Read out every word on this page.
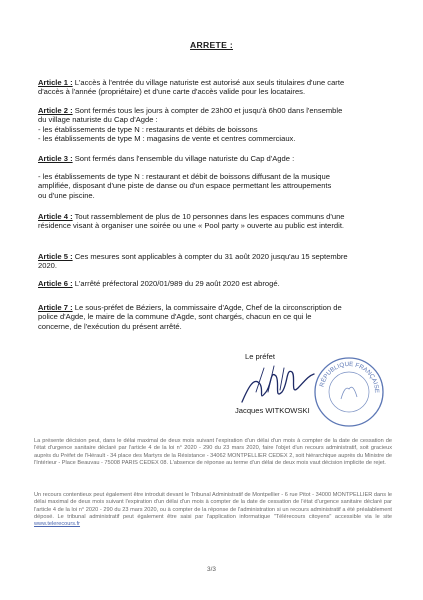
ARRETE :
Article 1 : L'accès à l'entrée du village naturiste est autorisé aux seuls titulaires d'une carte
d'accès à l'année (propriétaire) et d'une carte d'accès valide pour les locataires.
Article 2 : Sont fermés tous les jours à compter de 23h00 et jusqu'à 6h00 dans l'ensemble
du village naturiste du Cap d'Agde :
- les établissements de type N : restaurants et débits de boissons
- les établissements de type M : magasins de vente et centres commerciaux.
Article 3 : Sont fermés dans l'ensemble du village naturiste du Cap d'Agde :
- les établissements de type N : restaurant et débit de boissons diffusant de la musique
amplifiée, disposant d'une piste de danse ou d'un espace permettant les attroupements
ou d'une piscine.
Article 4 : Tout rassemblement de plus de 10 personnes dans les espaces communs d'une
résidence visant à organiser une soirée ou une « Pool party » ouverte au public est interdit.
Article 5 : Ces mesures sont applicables à compter du 31 août 2020 jusqu'au 15 septembre
2020.
Article 6 : L'arrêté préfectoral 2020/01/989 du 29 août 2020 est abrogé.
Article 7 : Le sous-préfet de Béziers, la commissaire d'Agde, Chef de la circonscription de
police d'Agde, le maire de la commune d'Agde, sont chargés, chacun en ce qui le
concerne, de l'exécution du présent arrêté.
Le préfet
RÉPUBLIQUE FRANÇAISE
Jacques WITKOWSKI
La présente décision peut, dans le délai maximal de deux mois suivant l'expiration d'un délai d'un mois à compter de la date de cessation de l'état d'urgence sanitaire déclaré par l'article 4 de la loi n° 2020 - 290 du 23 mars 2020, faire l'objet d'un recours administratif, soit gracieux auprès du Préfet de l'Hérault - 34 place des Martyrs de la Résistance - 34062 MONTPELLIER CEDEX 2, soit hiérarchique auprès du Ministre de l'Intérieur - Place Beauvau - 75008 PARIS CEDEX 08. L'absence de réponse au terme d'un délai de deux mois vaut décision implicite de rejet.
Un recours contentieux peut également être introduit devant le Tribunal Administratif de Montpellier - 6 rue Pitot - 34000 MONTPELLIER dans le délai maximal de deux mois suivant l'expiration d'un délai d'un mois à compter de la date de cessation de l'état d'urgence sanitaire déclaré par l'article 4 de la loi n° 2020 - 290 du 23 mars 2020, ou à compter de la réponse de l'administration si un recours administratif a été préalablement déposé. Le tribunal administratif peut également être saisi par l'application informatique "Télérecours citoyens" accessible via le site www.telerecours.fr
3/3
